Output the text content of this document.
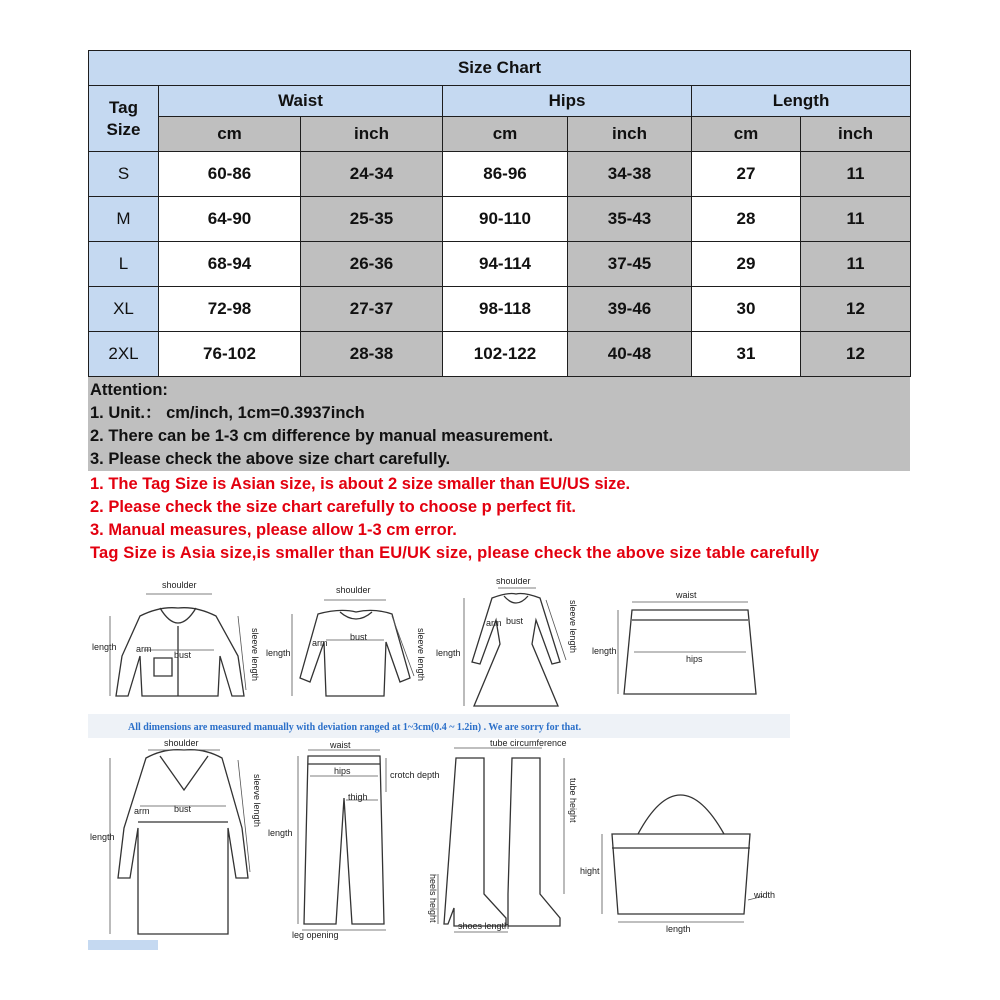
Size Chart						

Tag Size	Waist		Hips		Length	
	cm	inch	cm	inch	cm	inch
S	60-86	24-34	86-96	34-38	27	11
M	64-90	25-35	90-110	35-43	28	11
L	68-94	26-36	94-114	37-45	29	11
XL	72-98	27-37	98-118	39-46	30	12
2XL	76-102	28-38	102-122	40-48	31	12
Attention:
1. Unit.： cm/inch, 1cm=0.3937inch
2. There can be 1-3 cm difference by manual measurement.
3. Please check the above size chart carefully.
1. The Tag Size is Asian size, is about 2 size smaller than EU/US size.
2. Please check the size chart carefully to choose p perfect fit.
3. Manual measures, please allow 1-3 cm error.
Tag Size is Asia size,is smaller than EU/UK size, please check the above size table carefully
shoulder
length arm
bust	sleeve length
shoulder
length
arm
bust	sleeve length
shoulder
length
arm bust	sleeve length
waist
length
hips
All dimensions are measured manually with deviation ranged at 1~3cm(0.4 ~ 1.2in) . We are sorry for that.
shoulder
length
arm	bust	sleeve length
waist
hips	crotch depth
thigh
length
leg opening
tube circumference
tube height
heels height
shoes length
hight
width
length
